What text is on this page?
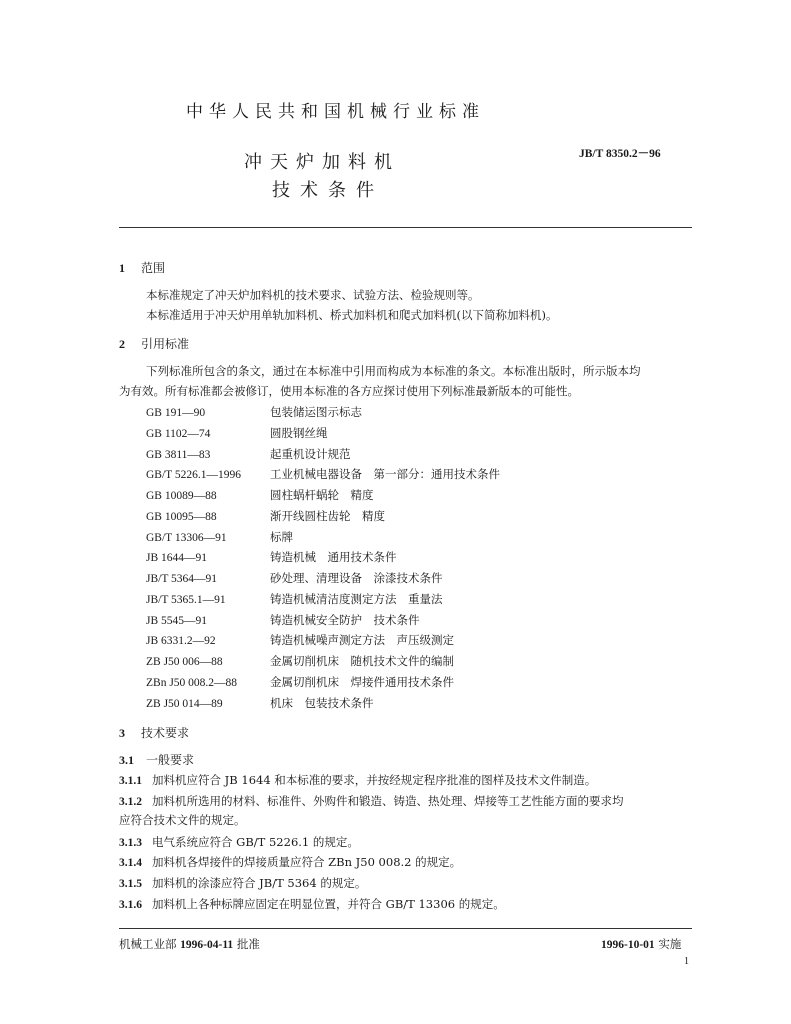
中华人民共和国机械行业标准
冲天炉加料机
技术条件
JB/T 8350.2－96
1 范围
本标准规定了冲天炉加料机的技术要求、试验方法、检验规则等。
本标准适用于冲天炉用单轨加料机、桥式加料机和爬式加料机(以下简称加料机)。
2 引用标准
下列标准所包含的条文，通过在本标准中引用而构成为本标准的条文。本标准出版时，所示版本均
为有效。所有标准都会被修订，使用本标准的各方应探讨使用下列标准最新版本的可能性。
GB 191—90	包装储运图示标志
GB 1102—74	圆股钢丝绳
GB 3811—83	起重机设计规范
GB/T 5226.1—1996	工业机械电器设备　第一部分：通用技术条件
GB 10089—88	圆柱蜗杆蜗轮　精度
GB 10095—88	渐开线圆柱齿轮　精度
GB/T 13306—91	标牌
JB 1644—91	铸造机械　通用技术条件
JB/T 5364—91	砂处理、清理设备　涂漆技术条件
JB/T 5365.1—91	铸造机械清洁度测定方法　重量法
JB 5545—91	铸造机械安全防护　技术条件
JB 6331.2—92	铸造机械噪声测定方法　声压级测定
ZB J50 006—88	金属切削机床　随机技术文件的编制
ZBn J50 008.2—88	金属切削机床　焊接件通用技术条件
ZB J50 014—89	机床　包装技术条件
3 技术要求
3.1 一般要求
3.1.1 加料机应符合 JB 1644 和本标准的要求，并按经规定程序批准的图样及技术文件制造。
3.1.2 加料机所选用的材料、标准件、外购件和锻造、铸造、热处理、焊接等工艺性能方面的要求均
应符合技术文件的规定。
3.1.3 电气系统应符合 GB/T 5226.1 的规定。
3.1.4 加料机各焊接件的焊接质量应符合 ZBn J50 008.2 的规定。
3.1.5 加料机的涂漆应符合 JB/T 5364 的规定。
3.1.6 加料机上各种标牌应固定在明显位置，并符合 GB/T 13306 的规定。
机械工业部 1996-04-11 批准	1996-10-01 实施
1
